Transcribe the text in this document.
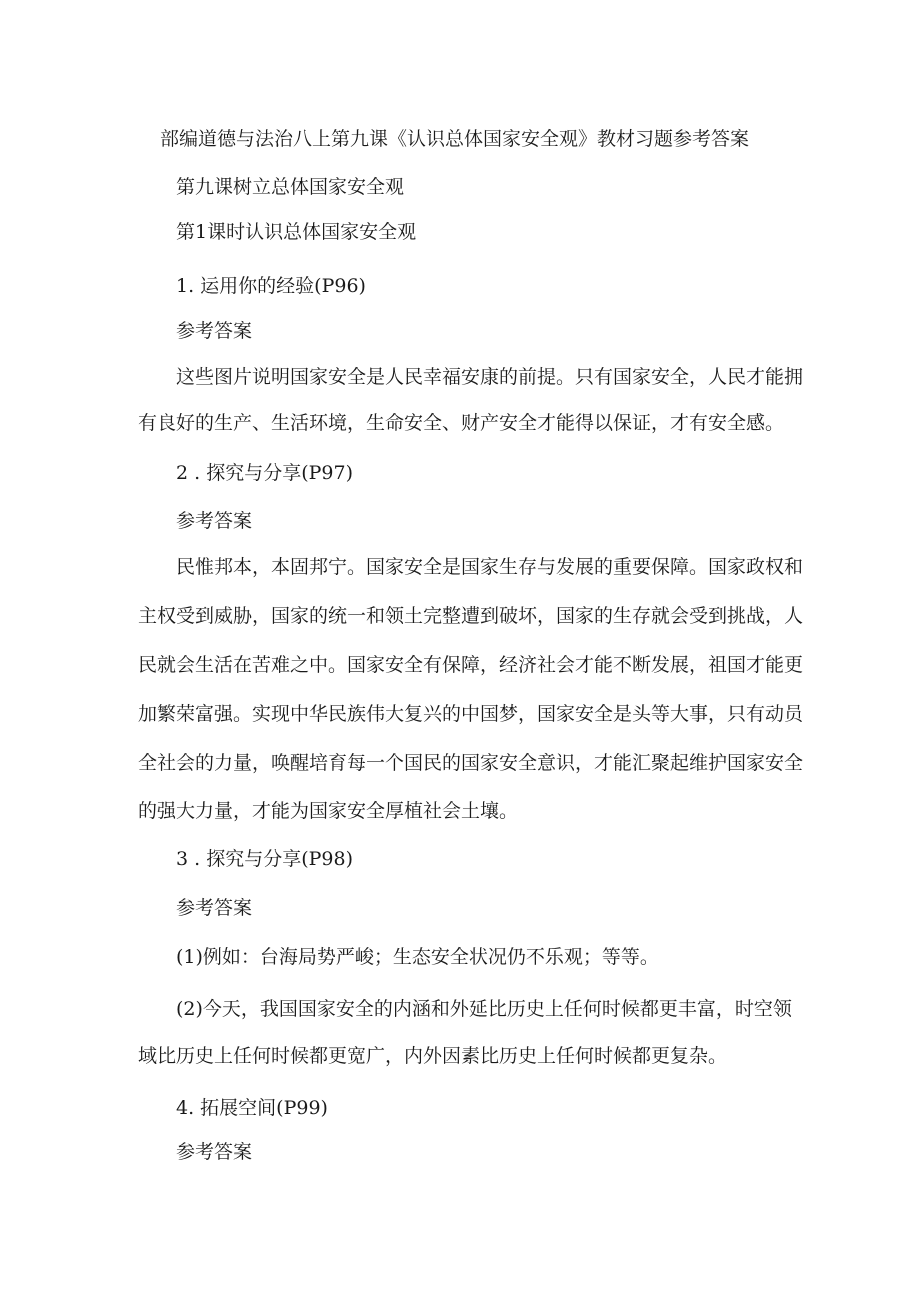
部编道德与法治八上第九课《认识总体国家安全观》教材习题参考答案

第九课树立总体国家安全观

第1课时认识总体国家安全观

1. 运用你的经验(P96)

参考答案

这些图片说明国家安全是人民幸福安康的前提。只有国家安全，人民才能拥

有良好的生产、生活环境，生命安全、财产安全才能得以保证，才有安全感。

2 . 探究与分享(P97)

参考答案

民惟邦本，本固邦宁。国家安全是国家生存与发展的重要保障。国家政权和

主权受到威胁，国家的统一和领土完整遭到破坏，国家的生存就会受到挑战，人

民就会生活在苦难之中。国家安全有保障，经济社会才能不断发展，祖国才能更

加繁荣富强。实现中华民族伟大复兴的中国梦，国家安全是头等大事，只有动员

全社会的力量，唤醒培育每一个国民的国家安全意识，才能汇聚起维护国家安全

的强大力量，才能为国家安全厚植社会土壤。

3 . 探究与分享(P98)

参考答案

(1)例如：台海局势严峻；生态安全状况仍不乐观；等等。

(2)今天，我国国家安全的内涵和外延比历史上任何时候都更丰富，时空领

域比历史上任何时候都更宽广，内外因素比历史上任何时候都更复杂。

4. 拓展空间(P99)

参考答案
